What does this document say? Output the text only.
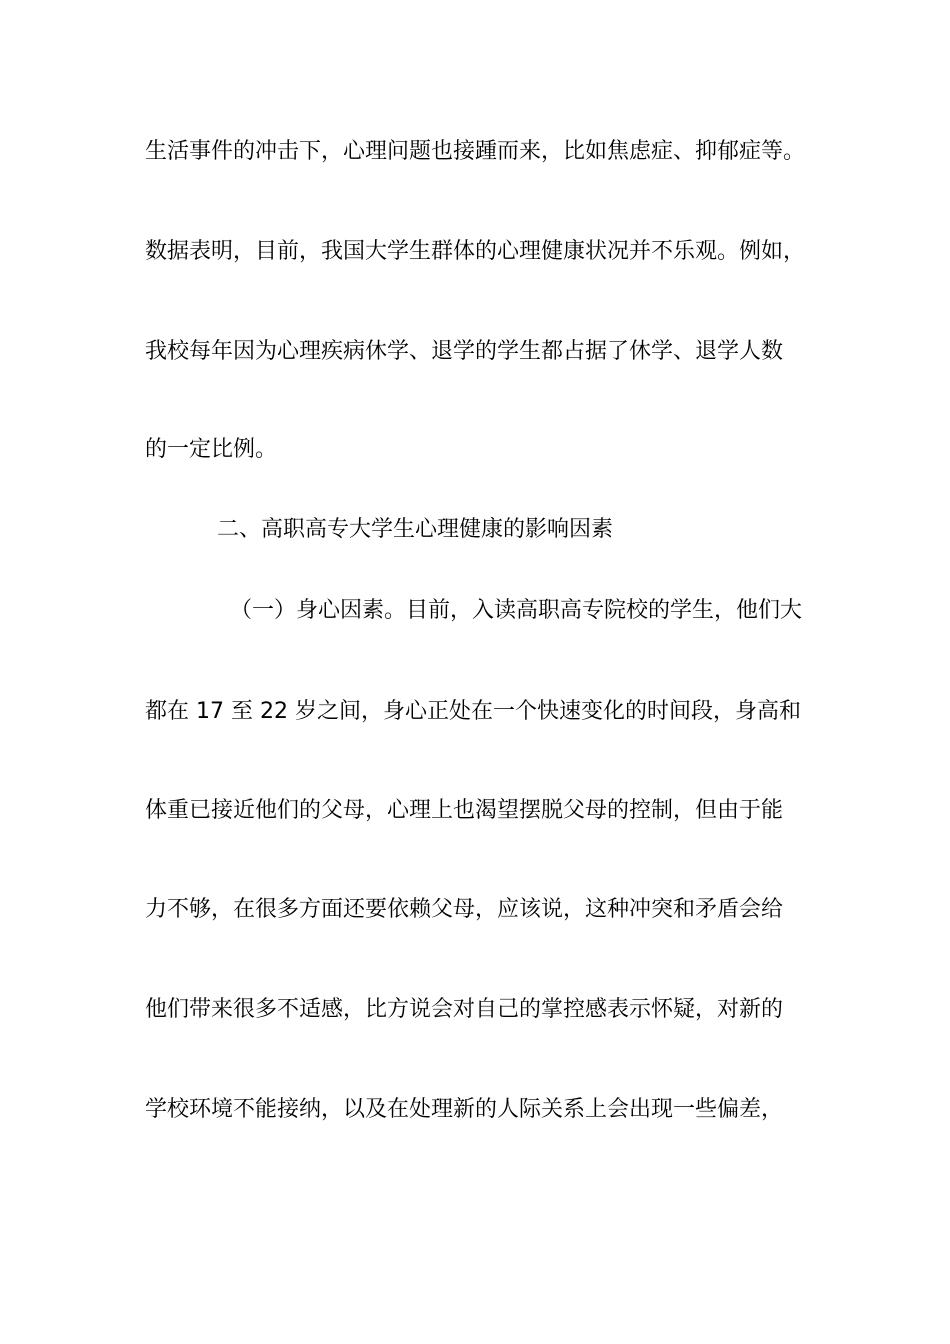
生活事件的冲击下，心理问题也接踵而来，比如焦虑症、抑郁症等。
数据表明，目前，我国大学生群体的心理健康状况并不乐观。例如，
我校每年因为心理疾病休学、退学的学生都占据了休学、退学人数
的一定比例。
二、高职高专大学生心理健康的影响因素
（一）身心因素。目前，入读高职高专院校的学生，他们大
都在 17 至 22 岁之间，身心正处在一个快速变化的时间段，身高和
体重已接近他们的父母，心理上也渴望摆脱父母的控制，但由于能
力不够，在很多方面还要依赖父母，应该说，这种冲突和矛盾会给
他们带来很多不适感，比方说会对自己的掌控感表示怀疑，对新的
学校环境不能接纳，以及在处理新的人际关系上会出现一些偏差，
